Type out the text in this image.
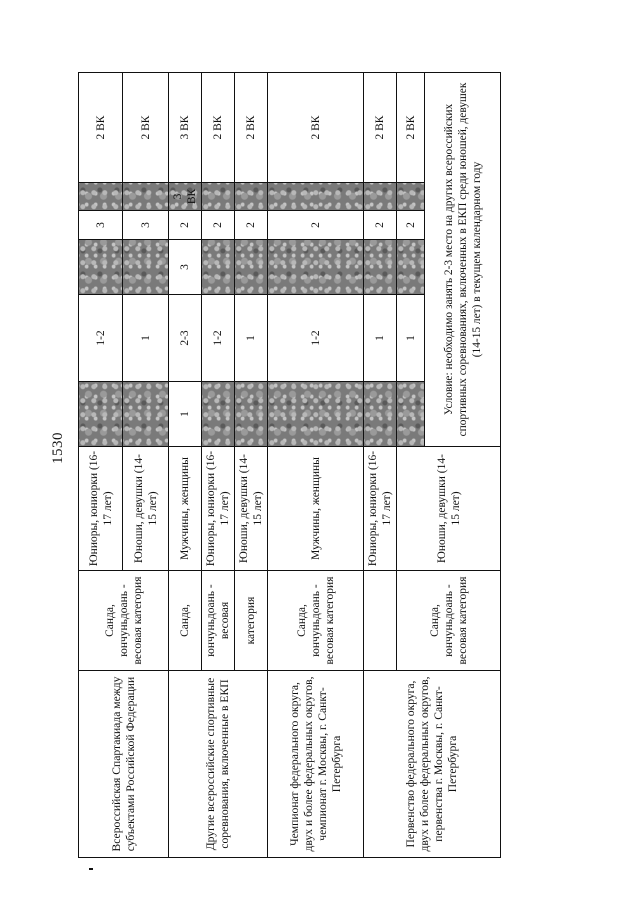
1530
Всероссийская Спартакиада между субъектами Российской Федерации	Санда, юнчуньдоань - весовая категория	Юниоры, юниорки (16-17 лет)		1-2		3		2 ВК
		Юноши, девушки (14-15 лет)		1		3		2 ВК
Другие всероссийские спортивные соревнования, включенные в ЕКП	Санда,	Мужчины, женщины	1	2-3	3	2	3 ВК	3 ВК
	юнчуньдоань - весовая	Юниоры, юниорки (16-17 лет)		1-2		2		2 ВК
	категория	Юноши, девушки (14-15 лет)		1		2		2 ВК
Чемпионат федерального округа, двух и более федеральных округов, чемпионат г. Москвы, г. Санкт-Петербурга	Санда, юнчуньдоань - весовая категория	Мужчины, женщины		1-2		2		2 ВК
Первенство федерального округа, двух и более федеральных округов, первенства г. Москвы, г. Санкт-Петербурга		Юниоры, юниорки (16-17 лет)		1		2		2 ВК
	Санда, юнчуньдоань - весовая категория	Юноши, девушки (14-15 лет)		1		2		2 ВК
			Условие: необходимо занять 2-3 место на других всероссийских спортивных соревнованиях, включенных в ЕКП среди юношей, девушек (14-15 лет) в текущем календарном году					
